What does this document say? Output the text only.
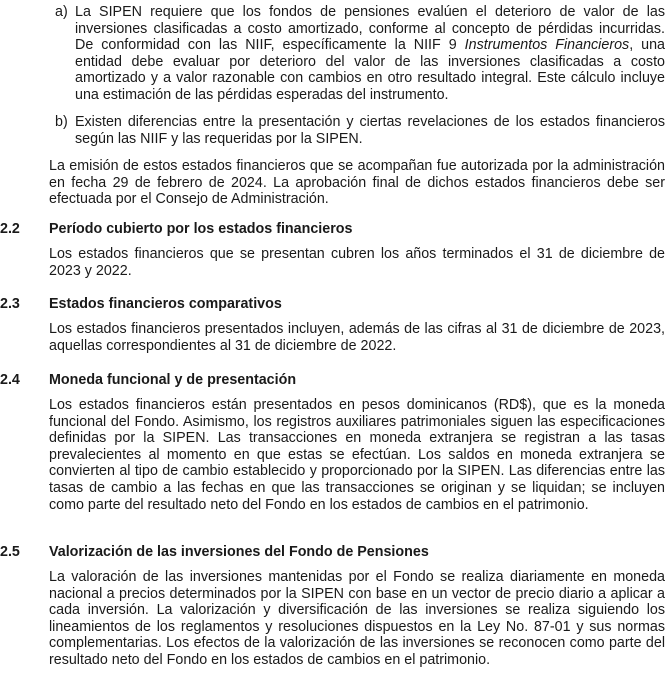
a) La SIPEN requiere que los fondos de pensiones evalúen el deterioro de valor de las inversiones clasificadas a costo amortizado, conforme al concepto de pérdidas incurridas. De conformidad con las NIIF, específicamente la NIIF 9 Instrumentos Financieros, una entidad debe evaluar por deterioro del valor de las inversiones clasificadas a costo amortizado y a valor razonable con cambios en otro resultado integral. Este cálculo incluye una estimación de las pérdidas esperadas del instrumento.
b) Existen diferencias entre la presentación y ciertas revelaciones de los estados financieros según las NIIF y las requeridas por la SIPEN.

La emisión de estos estados financieros que se acompañan fue autorizada por la administración en fecha 29 de febrero de 2024. La aprobación final de dichos estados financieros debe ser efectuada por el Consejo de Administración.

2.2 Período cubierto por los estados financieros

Los estados financieros que se presentan cubren los años terminados el 31 de diciembre de 2023 y 2022.

2.3 Estados financieros comparativos

Los estados financieros presentados incluyen, además de las cifras al 31 de diciembre de 2023, aquellas correspondientes al 31 de diciembre de 2022.

2.4 Moneda funcional y de presentación

Los estados financieros están presentados en pesos dominicanos (RD$), que es la moneda funcional del Fondo. Asimismo, los registros auxiliares patrimoniales siguen las especificaciones definidas por la SIPEN. Las transacciones en moneda extranjera se registran a las tasas prevalecientes al momento en que estas se efectúan. Los saldos en moneda extranjera se convierten al tipo de cambio establecido y proporcionado por la SIPEN. Las diferencias entre las tasas de cambio a las fechas en que las transacciones se originan y se liquidan; se incluyen como parte del resultado neto del Fondo en los estados de cambios en el patrimonio.

2.5 Valorización de las inversiones del Fondo de Pensiones

La valoración de las inversiones mantenidas por el Fondo se realiza diariamente en moneda nacional a precios determinados por la SIPEN con base en un vector de precio diario a aplicar a cada inversión. La valorización y diversificación de las inversiones se realiza siguiendo los lineamientos de los reglamentos y resoluciones dispuestos en la Ley No. 87-01 y sus normas complementarias. Los efectos de la valorización de las inversiones se reconocen como parte del resultado neto del Fondo en los estados de cambios en el patrimonio.
